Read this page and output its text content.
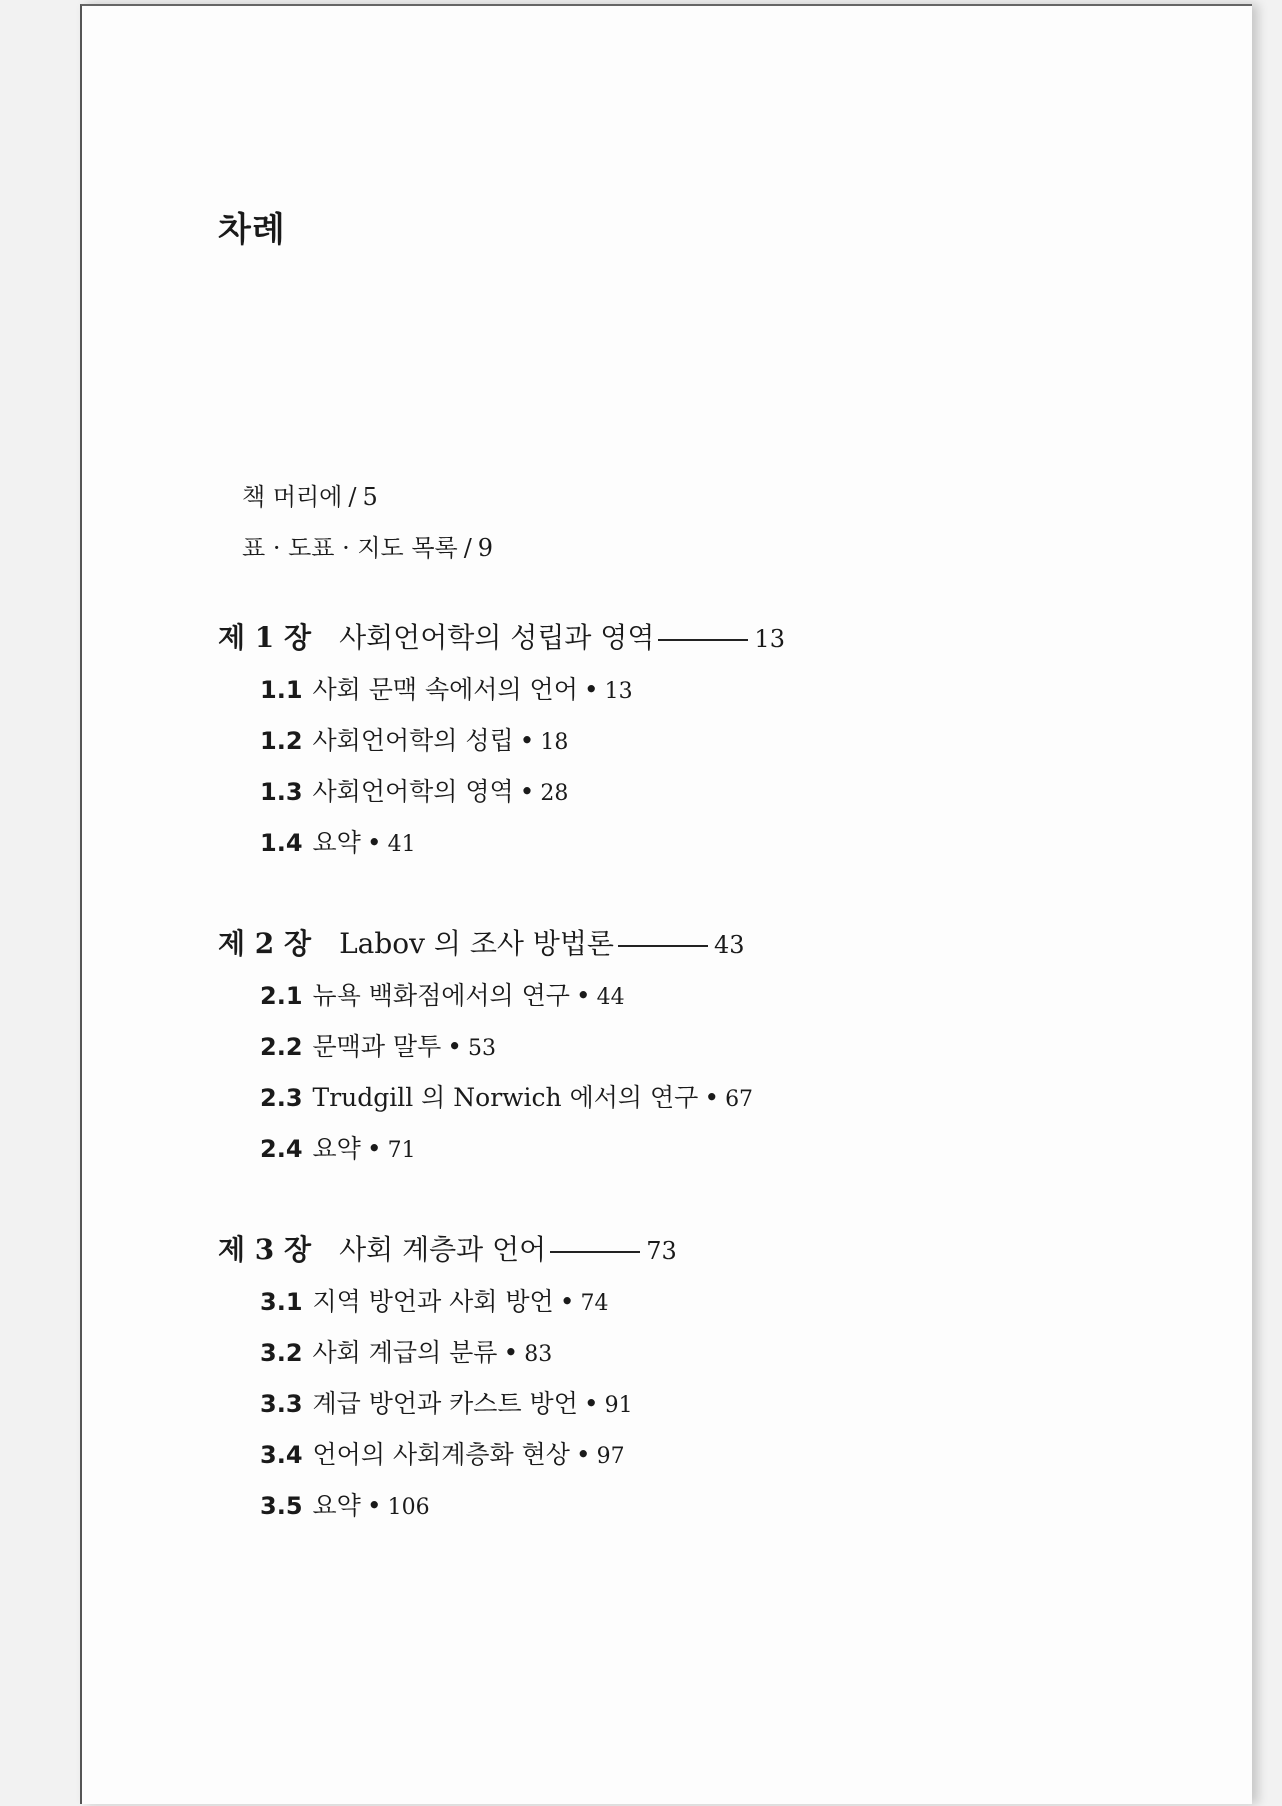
차례
책 머리에 / 5
표 · 도표 · 지도 목록 / 9
제 1 장 사회언어학의 성립과 영역	13
1.1 사회 문맥 속에서의 언어 • 13
1.2 사회언어학의 성립 • 18
1.3 사회언어학의 영역 • 28
1.4 요약 • 41
제 2 장 Labov 의 조사 방법론	43
2.1 뉴욕 백화점에서의 연구 • 44
2.2 문맥과 말투 • 53
2.3 Trudgill 의 Norwich 에서의 연구 • 67
2.4 요약 • 71
제 3 장 사회 계층과 언어	73
3.1 지역 방언과 사회 방언 • 74
3.2 사회 계급의 분류 • 83
3.3 계급 방언과 카스트 방언 • 91
3.4 언어의 사회계층화 현상 • 97
3.5 요약 • 106
